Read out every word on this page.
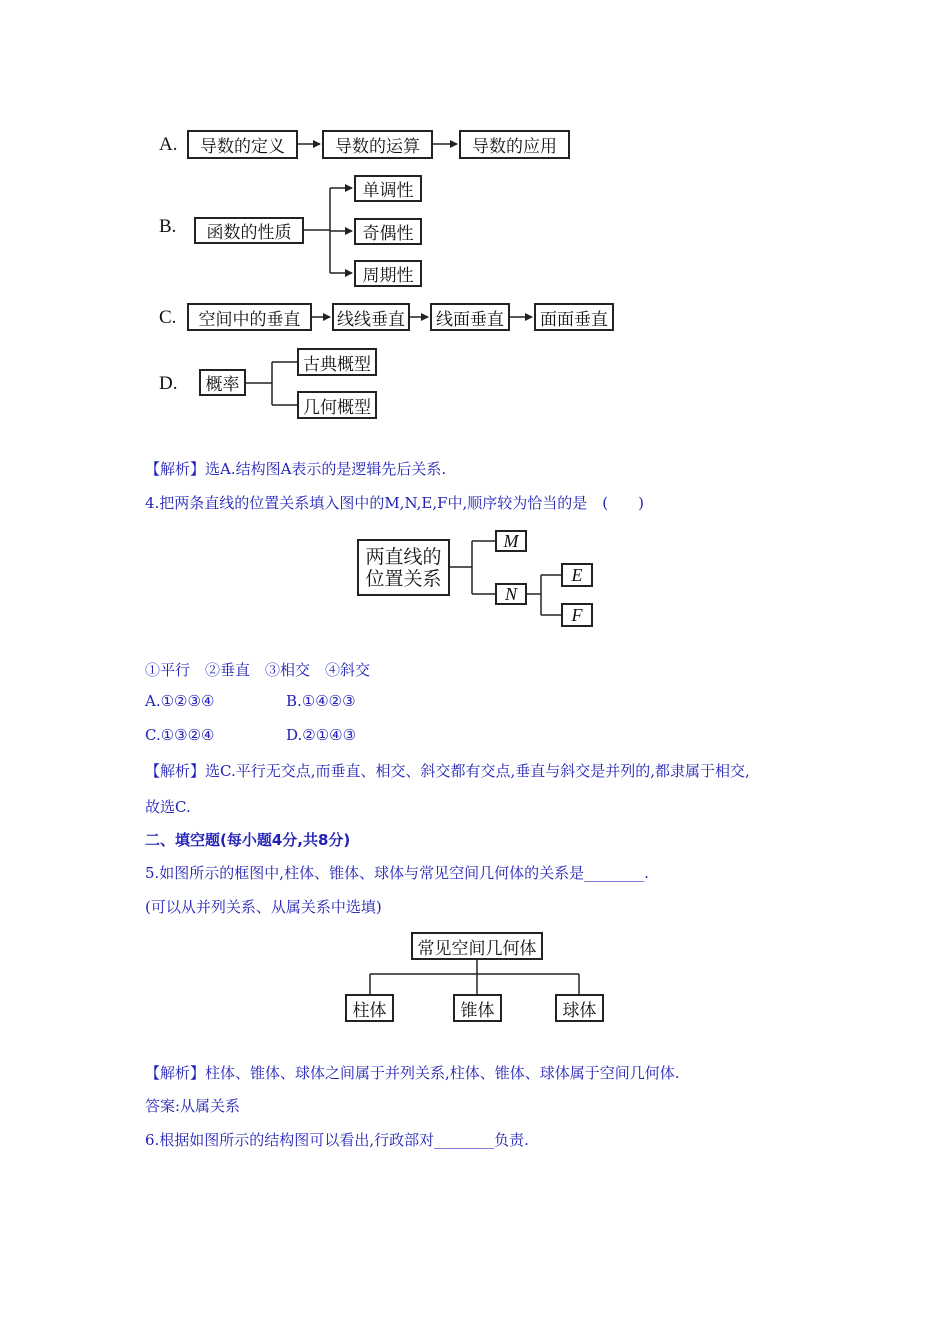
A.	导数的定义	导数的运算	导数的应用
B.	函数的性质
单调性
奇偶性
周期性
C.	空间中的垂直	线线垂直	线面垂直	面面垂直
D.	概率
古典概型
几何概型
【解析】选A.结构图A表示的是逻辑先后关系.
4.把两条直线的位置关系填入图中的M,N,E,F中,顺序较为恰当的是　(　　)
两直线的
位置关系
M
N
E
F
①平行　②垂直　③相交　④斜交
A.①②③④	B.①④②③
C.①③②④	D.②①④③
【解析】选C.平行无交点,而垂直、相交、斜交都有交点,垂直与斜交是并列的,都隶属于相交,
故选C.
二、填空题(每小题4分,共8分)
5.如图所示的框图中,柱体、锥体、球体与常见空间几何体的关系是________.
(可以从并列关系、从属关系中选填)
常见空间几何体
柱体	锥体	球体
【解析】柱体、锥体、球体之间属于并列关系,柱体、锥体、球体属于空间几何体.
答案:从属关系
6.根据如图所示的结构图可以看出,行政部对________负责.
